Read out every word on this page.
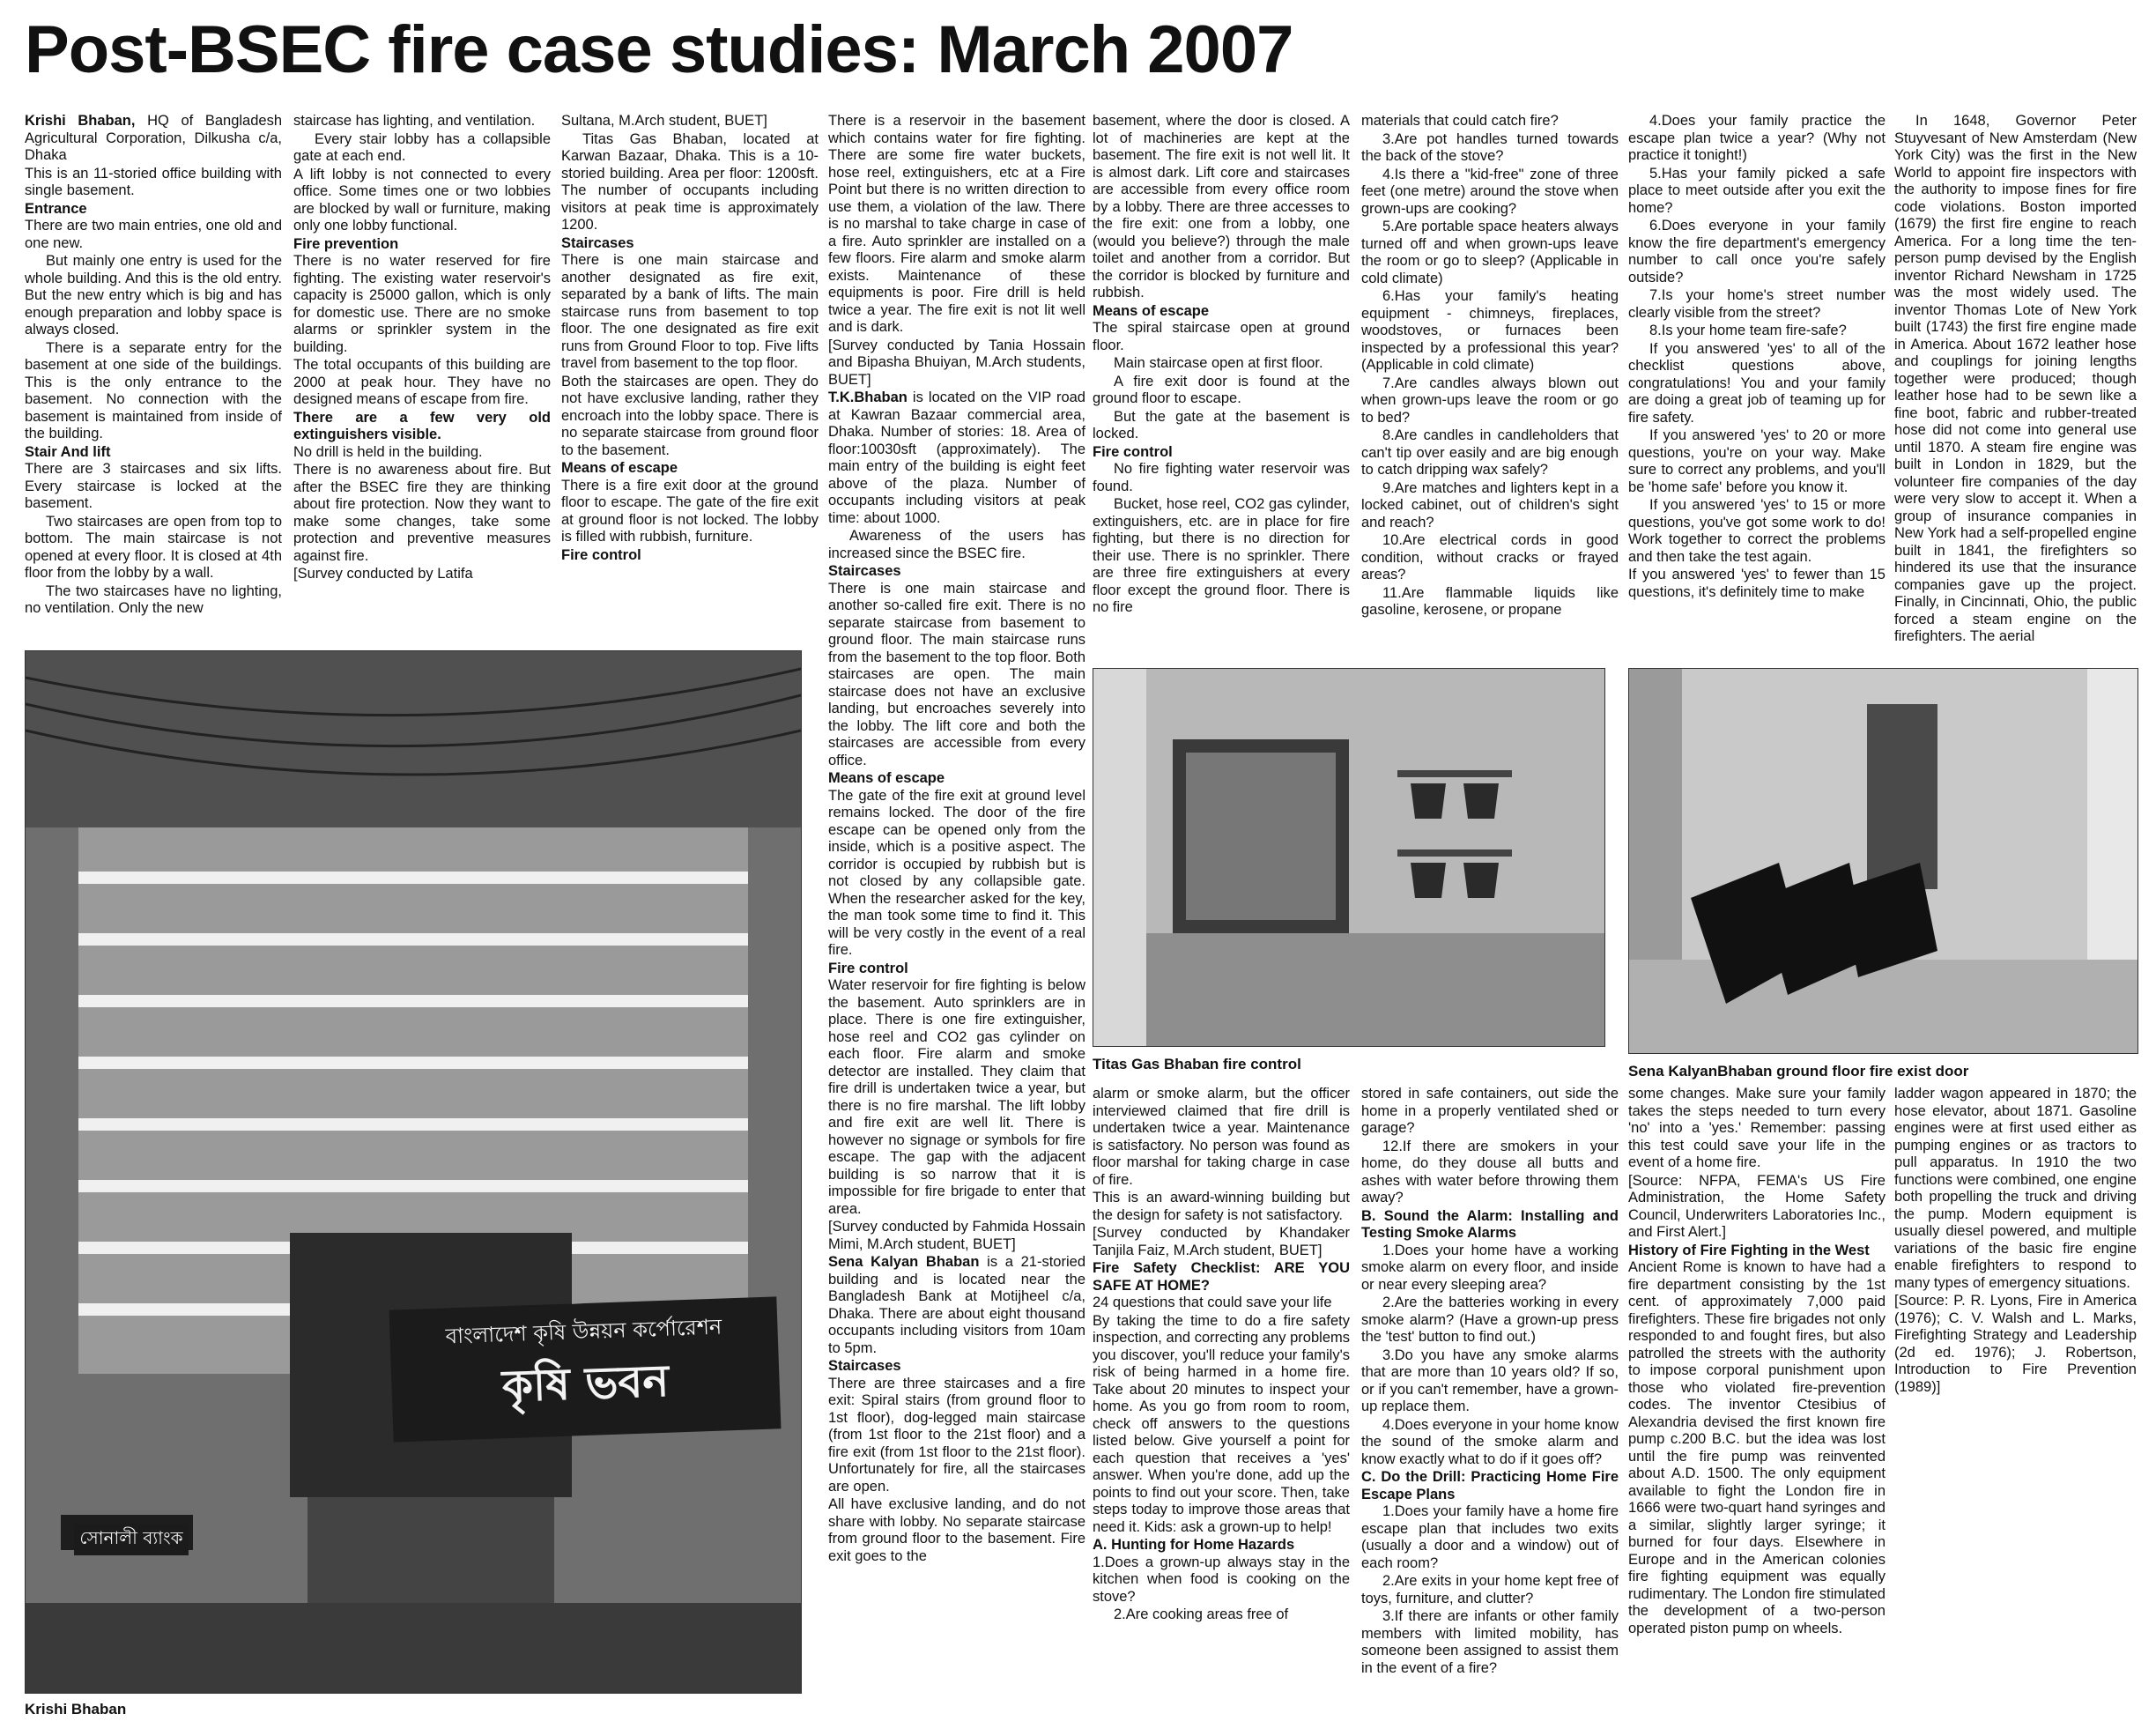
Post-BSEC fire case studies: March 2007

Krishi Bhaban, HQ of Bangladesh Agricultural Corporation, Dilkusha c/a, Dhaka

This is an 11-storied office building with single basement.

Entrance

There are two main entries, one old and one new.

But mainly one entry is used for the whole building. And this is the old entry. But the new entry which is big and has enough preparation and lobby space is always closed.

There is a separate entry for the basement at one side of the buildings. This is the only entrance to the basement. No connection with the basement is maintained from inside of the building.

Stair And lift

There are 3 staircases and six lifts. Every staircase is locked at the basement.

Two staircases are open from top to bottom. The main staircase is not opened at every floor. It is closed at 4th floor from the lobby by a wall.

The two staircases have no lighting, no ventilation. Only the new

staircase has lighting, and ventilation.

Every stair lobby has a collapsible gate at each end.

A lift lobby is not connected to every office. Some times one or two lobbies are blocked by wall or furniture, making only one lobby functional.

Fire prevention

There is no water reserved for fire fighting. The existing water reservoir's capacity is 25000 gallon, which is only for domestic use. There are no smoke alarms or sprinkler system in the building.

The total occupants of this building are 2000 at peak hour. They have no designed means of escape from fire.

There are a few very old extinguishers visible.

No drill is held in the building.

There is no awareness about fire. But after the BSEC fire they are thinking about fire protection. Now they want to make some changes, take some protection and preventive measures against fire.

[Survey conducted by Latifa

Sultana, M.Arch student, BUET]

Titas Gas Bhaban, located at Karwan Bazaar, Dhaka. This is a 10-storied building. Area per floor: 1200sft. The number of occupants including visitors at peak time is approximately 1200.

Staircases

There is one main staircase and another designated as fire exit, separated by a bank of lifts. The main staircase runs from basement to top floor. The one designated as fire exit runs from Ground Floor to top. Five lifts travel from basement to the top floor.

Both the staircases are open. They do not have exclusive landing, rather they encroach into the lobby space. There is no separate staircase from ground floor to the basement.

Means of escape

There is a fire exit door at the ground floor to escape. The gate of the fire exit at ground floor is not locked. The lobby is filled with rubbish, furniture.

Fire control

There is a reservoir in the basement which contains water for fire fighting. There are some fire water buckets, hose reel, extinguishers, etc at a Fire Point but there is no written direction to use them, a violation of the law. There is no marshal to take charge in case of a fire. Auto sprinkler are installed on a few floors. Fire alarm and smoke alarm exists. Maintenance of these equipments is poor. Fire drill is held twice a year. The fire exit is not lit well and is dark.

[Survey conducted by Tania Hossain and Bipasha Bhuiyan, M.Arch students, BUET]

T.K.Bhaban is located on the VIP road at Kawran Bazaar commercial area, Dhaka. Number of stories: 18. Area of floor:10030sft (approximately). The main entry of the building is eight feet above of the plaza. Number of occupants including visitors at peak time: about 1000.

Awareness of the users has increased since the BSEC fire.

Staircases

There is one main staircase and another so-called fire exit. There is no separate staircase from basement to ground floor. The main staircase runs from the basement to the top floor. Both staircases are open. The main staircase does not have an exclusive landing, but encroaches severely into the lobby. The lift core and both the staircases are accessible from every office.

Means of escape

The gate of the fire exit at ground level remains locked. The door of the fire escape can be opened only from the inside, which is a positive aspect. The corridor is occupied by rubbish but is not closed by any collapsible gate. When the researcher asked for the key, the man took some time to find it. This will be very costly in the event of a real fire.

Fire control

Water reservoir for fire fighting is below the basement. Auto sprinklers are in place. There is one fire extinguisher, hose reel and CO2 gas cylinder on each floor. Fire alarm and smoke detector are installed. They claim that fire drill is undertaken twice a year, but there is no fire marshal. The lift lobby and fire exit are well lit. There is however no signage or symbols for fire escape. The gap with the adjacent building is so narrow that it is impossible for fire brigade to enter that area.

[Survey conducted by Fahmida Hossain Mimi, M.Arch student, BUET]

Sena Kalyan Bhaban is a 21-storied building and is located near the Bangladesh Bank at Motijheel c/a, Dhaka. There are about eight thousand occupants including visitors from 10am to 5pm.

Staircases

There are three staircases and a fire exit: Spiral stairs (from ground floor to 1st floor), dog-legged main staircase (from 1st floor to the 21st floor) and a fire exit (from 1st floor to the 21st floor). Unfortunately for fire, all the staircases are open.

All have exclusive landing, and do not share with lobby. No separate staircase from ground floor to the basement. Fire exit goes to the

basement, where the door is closed. A lot of machineries are kept at the basement. The fire exit is not well lit. It is almost dark. Lift core and staircases are accessible from every office room by a lobby. There are three accesses to the fire exit: one from a lobby, one (would you believe?) through the male toilet and another from a corridor. But the corridor is blocked by furniture and rubbish.

Means of escape

The spiral staircase open at ground floor.

Main staircase open at first floor.

A fire exit door is found at the ground floor to escape.

But the gate at the basement is locked.

Fire control

No fire fighting water reservoir was found.

Bucket, hose reel, CO2 gas cylinder, extinguishers, etc. are in place for fire fighting, but there is no direction for their use. There is no sprinkler. There are three fire extinguishers at every floor except the ground floor. There is no fire

materials that could catch fire?

3.Are pot handles turned towards the back of the stove?

4.Is there a "kid-free" zone of three feet (one metre) around the stove when grown-ups are cooking?

5.Are portable space heaters always turned off and when grown-ups leave the room or go to sleep? (Applicable in cold climate)

6.Has your family's heating equipment - chimneys, fireplaces, woodstoves, or furnaces been inspected by a professional this year? (Applicable in cold climate)

7.Are candles always blown out when grown-ups leave the room or go to bed?

8.Are candles in candleholders that can't tip over easily and are big enough to catch dripping wax safely?

9.Are matches and lighters kept in a locked cabinet, out of children's sight and reach?

10.Are electrical cords in good condition, without cracks or frayed areas?

11.Are flammable liquids like gasoline, kerosene, or propane

4.Does your family practice the escape plan twice a year? (Why not practice it tonight!)

5.Has your family picked a safe place to meet outside after you exit the home?

6.Does everyone in your family know the fire department's emergency number to call once you're safely outside?

7.Is your home's street number clearly visible from the street?

8.Is your home team fire-safe?

If you answered 'yes' to all of the checklist questions above, congratulations! You and your family are doing a great job of teaming up for fire safety.

If you answered 'yes' to 20 or more questions, you're on your way. Make sure to correct any problems, and you'll be 'home safe' before you know it.

If you answered 'yes' to 15 or more questions, you've got some work to do! Work together to correct the problems and then take the test again.

If you answered 'yes' to fewer than 15 questions, it's definitely time to make

In 1648, Governor Peter Stuyvesant of New Amsterdam (New York City) was the first in the New World to appoint fire inspectors with the authority to impose fines for fire code violations. Boston imported (1679) the first fire engine to reach America. For a long time the ten-person pump devised by the English inventor Richard Newsham in 1725 was the most widely used. The inventor Thomas Lote of New York built (1743) the first fire engine made in America. About 1672 leather hose and couplings for joining lengths together were produced; though leather hose had to be sewn like a fine boot, fabric and rubber-treated hose did not come into general use until 1870. A steam fire engine was built in London in 1829, but the volunteer fire companies of the day were very slow to accept it. When a group of insurance companies in New York had a self-propelled engine built in 1841, the firefighters so hindered its use that the insurance companies gave up the project. Finally, in Cincinnati, Ohio, the public forced a steam engine on the firefighters. The aerial

alarm or smoke alarm, but the officer interviewed claimed that fire drill is undertaken twice a year. Maintenance is satisfactory. No person was found as floor marshal for taking charge in case of fire.

This is an award-winning building but the design for safety is not satisfactory.

[Survey conducted by Khandaker Tanjila Faiz, M.Arch student, BUET]

Fire Safety Checklist: ARE YOU SAFE AT HOME?

24 questions that could save your life

By taking the time to do a fire safety inspection, and correcting any problems you discover, you'll reduce your family's risk of being harmed in a home fire. Take about 20 minutes to inspect your home. As you go from room to room, check off answers to the questions listed below. Give yourself a point for each question that receives a 'yes' answer. When you're done, add up the points to find out your score. Then, take steps today to improve those areas that need it. Kids: ask a grown-up to help!

A. Hunting for Home Hazards

1.Does a grown-up always stay in the kitchen when food is cooking on the stove?

2.Are cooking areas free of

stored in safe containers, out side the home in a properly ventilated shed or garage?

12.If there are smokers in your home, do they douse all butts and ashes with water before throwing them away?

B. Sound the Alarm: Installing and Testing Smoke Alarms

1.Does your home have a working smoke alarm on every floor, and inside or near every sleeping area?

2.Are the batteries working in every smoke alarm? (Have a grown-up press the 'test' button to find out.)

3.Do you have any smoke alarms that are more than 10 years old? If so, or if you can't remember, have a grown-up replace them.

4.Does everyone in your home know the sound of the smoke alarm and know exactly what to do if it goes off?

C. Do the Drill: Practicing Home Fire Escape Plans

1.Does your family have a home fire escape plan that includes two exits (usually a door and a window) out of each room?

2.Are exits in your home kept free of toys, furniture, and clutter?

3.If there are infants or other family members with limited mobility, has someone been assigned to assist them in the event of a fire?

some changes. Make sure your family takes the steps needed to turn every 'no' into a 'yes.' Remember: passing this test could save your life in the event of a home fire.

[Source: NFPA, FEMA's US Fire Administration, the Home Safety Council, Underwriters Laboratories Inc., and First Alert.]

History of Fire Fighting in the West

Ancient Rome is known to have had a fire department consisting by the 1st cent. of approximately 7,000 paid firefighters. These fire brigades not only responded to and fought fires, but also patrolled the streets with the authority to impose corporal punishment upon those who violated fire-prevention codes. The inventor Ctesibius of Alexandria devised the first known fire pump c.200 B.C. but the idea was lost until the fire pump was reinvented about A.D. 1500. The only equipment available to fight the London fire in 1666 were two-quart hand syringes and a similar, slightly larger syringe; it burned for four days. Elsewhere in Europe and in the American colonies fire fighting equipment was equally rudimentary. The London fire stimulated the development of a two-person operated piston pump on wheels.

ladder wagon appeared in 1870; the hose elevator, about 1871. Gasoline engines were at first used either as pumping engines or as tractors to pull apparatus. In 1910 the two functions were combined, one engine both propelling the truck and driving the pump. Modern equipment is usually diesel powered, and multiple variations of the basic fire engine enable firefighters to respond to many types of emergency situations.

[Source: P. R. Lyons, Fire in America (1976); C. V. Walsh and L. Marks, Firefighting Strategy and Leadership (2d ed. 1976); J. Robertson, Introduction to Fire Prevention (1989)]

বাংলাদেশ কৃষি উন্নয়ন কর্পোরেশন
কৃষি ভবন
সোনালী ব্যাংক
Krishi Bhaban
Titas Gas Bhaban fire control	Sena KalyanBhaban ground floor fire exist door
